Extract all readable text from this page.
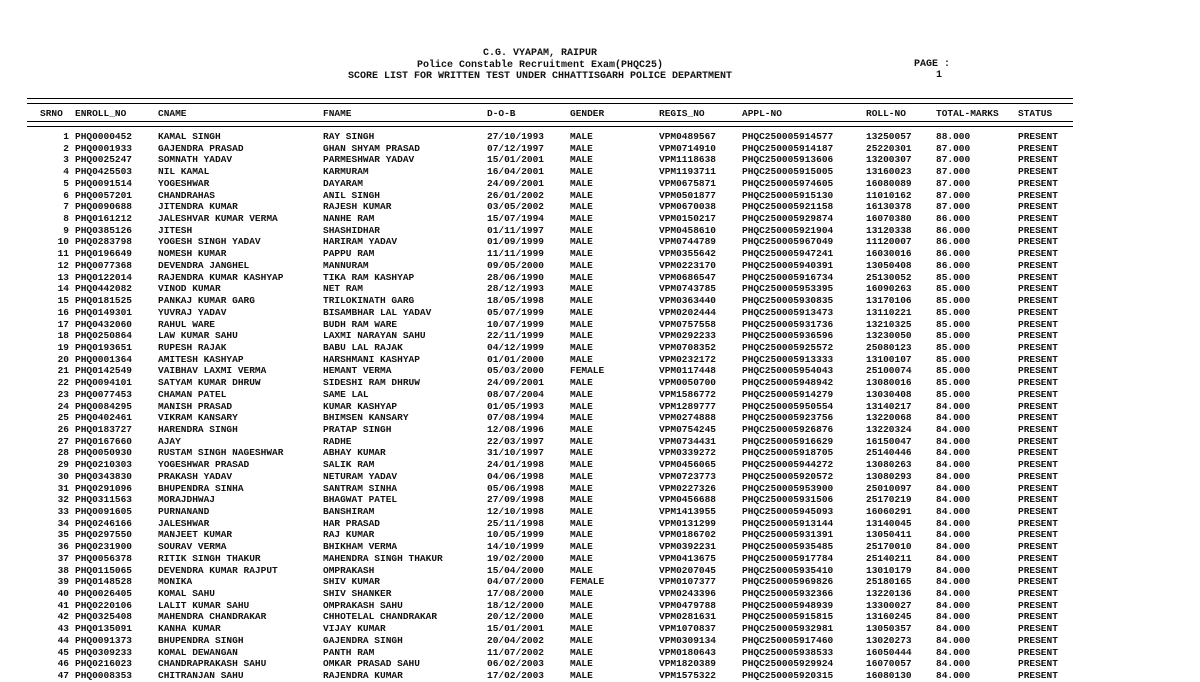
C.G. VYAPAM, RAIPUR
Police Constable Recruitment Exam(PHQC25)
SCORE LIST FOR WRITTEN TEST UNDER CHHATTISGARH POLICE DEPARTMENT

PAGE :
1

SRNO ENROLL_NO	CNAME	FNAME	D-O-B	GENDER	REGIS_NO	APPL-NO	ROLL-NO	TOTAL-MARKS STATUS
1 PHQ0000452	KAMAL SINGH	RAY SINGH	27/10/1993	MALE	VPM0489567	PHQC250005914577	13250057	88.000	PRESENT
2 PHQ0001933	GAJENDRA PRASAD	GHAN SHYAM PRASAD	07/12/1997	MALE	VPM0714910	PHQC250005914187	25220301	87.000	PRESENT
3 PHQ0025247	SOMNATH YADAV	PARMESHWAR YADAV	15/01/2001	MALE	VPM1118638	PHQC250005913606	13200307	87.000	PRESENT
4 PHQ0425503	NIL KAMAL	KARMURAM	16/04/2001	MALE	VPM1193711	PHQC250005915005	13160023	87.000	PRESENT
5 PHQ0091514	YOGESHWAR	DAYARAM	24/09/2001	MALE	VPM0675871	PHQC250005974605	16080089	87.000	PRESENT
6 PHQ0057201	CHANDRAHAS	ANIL SINGH	26/01/2002	MALE	VPM0501877	PHQC250005915130	11010162	87.000	PRESENT
7 PHQ0090688	JITENDRA KUMAR	RAJESH KUMAR	03/05/2002	MALE	VPM0670038	PHQC250005921158	16130378	87.000	PRESENT
8 PHQ0161212	JALESHVAR KUMAR VERMA	NANHE RAM	15/07/1994	MALE	VPM0150217	PHQC250005929874	16070380	86.000	PRESENT
9 PHQ0385126	JITESH	SHASHIDHAR	01/11/1997	MALE	VPM0458610	PHQC250005921904	13120338	86.000	PRESENT
10 PHQ0283798	YOGESH SINGH YADAV	HARIRAM YADAV	01/09/1999	MALE	VPM0744789	PHQC250005967049	11120007	86.000	PRESENT
11 PHQ0196649	NOMESH KUMAR	PAPPU RAM	11/11/1999	MALE	VPM0355642	PHQC250005947241	16030016	86.000	PRESENT
12 PHQ0077368	DEVENDRA JANGHEL	MANNURAM	09/05/2000	MALE	VPM0223170	PHQC250005940391	13050408	86.000	PRESENT
13 PHQ0122014	RAJENDRA KUMAR KASHYAP	TIKA RAM KASHYAP	28/06/1990	MALE	VPM0686547	PHQC250005916734	25130052	85.000	PRESENT
14 PHQ0442082	VINOD KUMAR	NET RAM	28/12/1993	MALE	VPM0743785	PHQC250005953395	16090263	85.000	PRESENT
15 PHQ0181525	PANKAJ KUMAR GARG	TRILOKINATH GARG	18/05/1998	MALE	VPM0363440	PHQC250005930835	13170106	85.000	PRESENT
16 PHQ0149301	YUVRAJ YADAV	BISAMBHAR LAL YADAV	05/07/1999	MALE	VPM0202444	PHQC250005913473	13110221	85.000	PRESENT
17 PHQ0432060	RAHUL WARE	BUDH RAM WARE	10/07/1999	MALE	VPM0757558	PHQC250005931736	13210325	85.000	PRESENT
18 PHQ0250864	LAW KUMAR SAHU	LAXMI NARAYAN SAHU	22/11/1999	MALE	VPM0292233	PHQC250005936596	13230050	85.000	PRESENT
19 PHQ0193651	RUPESH RAJAK	BABU LAL RAJAK	04/12/1999	MALE	VPM0708352	PHQC250005925572	25080123	85.000	PRESENT
20 PHQ0001364	AMITESH KASHYAP	HARSHMANI KASHYAP	01/01/2000	MALE	VPM0232172	PHQC250005913333	13100107	85.000	PRESENT
21 PHQ0142549	VAIBHAV LAXMI VERMA	HEMANT VERMA	05/03/2000	FEMALE	VPM0117448	PHQC250005954043	25100074	85.000	PRESENT
22 PHQ0094101	SATYAM KUMAR DHRUW	SIDESHI RAM DHRUW	24/09/2001	MALE	VPM0050700	PHQC250005948942	13080016	85.000	PRESENT
23 PHQ0077453	CHAMAN PATEL	SAME LAL	08/07/2004	MALE	VPM1586772	PHQC250005914279	13030408	85.000	PRESENT
24 PHQ0084295	MANISH PRASAD	KUMAR KASHYAP	01/05/1993	MALE	VPM1289777	PHQC250005950554	13140217	84.000	PRESENT
25 PHQ0402461	VIKRAM KANSARY	BHIMSEN KANSARY	07/08/1994	MALE	VPM0274888	PHQC250005923756	13220068	84.000	PRESENT
26 PHQ0183727	HARENDRA SINGH	PRATAP SINGH	12/08/1996	MALE	VPM0754245	PHQC250005926876	13220324	84.000	PRESENT
27 PHQ0167660	AJAY	RADHE	22/03/1997	MALE	VPM0734431	PHQC250005916629	16150047	84.000	PRESENT
28 PHQ0050930	RUSTAM SINGH NAGESHWAR	ABHAY KUMAR	31/10/1997	MALE	VPM0339272	PHQC250005918705	25140446	84.000	PRESENT
29 PHQ0210303	YOGESHWAR PRASAD	SALIK RAM	24/01/1998	MALE	VPM0456065	PHQC250005944272	13080263	84.000	PRESENT
30 PHQ0343830	PRAKASH YADAV	NETURAM YADAV	04/06/1998	MALE	VPM0723773	PHQC250005920572	13080293	84.000	PRESENT
31 PHQ0291096	BHUPENDRA SINHA	SANTRAM SINHA	05/06/1998	MALE	VPM0227326	PHQC250005953900	25010097	84.000	PRESENT
32 PHQ0311563	MORAJDHWAJ	BHAGWAT PATEL	27/09/1998	MALE	VPM0456688	PHQC250005931506	25170219	84.000	PRESENT
33 PHQ0091605	PURNANAND	BANSHIRAM	12/10/1998	MALE	VPM1413955	PHQC250005945093	16060291	84.000	PRESENT
34 PHQ0246166	JALESHWAR	HAR PRASAD	25/11/1998	MALE	VPM0131299	PHQC250005913144	13140045	84.000	PRESENT
35 PHQ0297550	MANJEET KUMAR	RAJ KUMAR	10/05/1999	MALE	VPM0186702	PHQC250005931391	13050411	84.000	PRESENT
36 PHQ0231900	SOURAV VERMA	BHIKHAM VERMA	14/10/1999	MALE	VPM0392231	PHQC250005935485	25170010	84.000	PRESENT
37 PHQ0056378	RITIK SINGH THAKUR	MAHENDRA SINGH THAKUR	19/02/2000	MALE	VPM0413675	PHQC250005917784	25140211	84.000	PRESENT
38 PHQ0115065	DEVENDRA KUMAR RAJPUT	OMPRAKASH	15/04/2000	MALE	VPM0207045	PHQC250005935410	13010179	84.000	PRESENT
39 PHQ0148528	MONIKA	SHIV KUMAR	04/07/2000	FEMALE	VPM0107377	PHQC250005969826	25180165	84.000	PRESENT
40 PHQ0026405	KOMAL SAHU	SHIV SHANKER	17/08/2000	MALE	VPM0243396	PHQC250005932366	13220136	84.000	PRESENT
41 PHQ0220106	LALIT KUMAR SAHU	OMPRAKASH SAHU	18/12/2000	MALE	VPM0479788	PHQC250005948939	13300027	84.000	PRESENT
42 PHQ0325408	MAHENDRA CHANDRAKAR	CHHOTELAL CHANDRAKAR	20/12/2000	MALE	VPM0281631	PHQC250005915815	13160245	84.000	PRESENT
43 PHQ0135091	KANHA KUMAR	VIJAY KUMAR	15/01/2001	MALE	VPM1070837	PHQC250005932981	13050357	84.000	PRESENT
44 PHQ0091373	BHUPENDRA SINGH	GAJENDRA SINGH	20/04/2002	MALE	VPM0309134	PHQC250005917460	13020273	84.000	PRESENT
45 PHQ0309233	KOMAL DEWANGAN	PANTH RAM	11/07/2002	MALE	VPM0180643	PHQC250005938533	16050444	84.000	PRESENT
46 PHQ0216023	CHANDRAPRAKASH SAHU	OMKAR PRASAD SAHU	06/02/2003	MALE	VPM1820389	PHQC250005929924	16070057	84.000	PRESENT
47 PHQ0008353	CHITRANJAN SAHU	RAJENDRA KUMAR	17/02/2003	MALE	VPM1575322	PHQC250005920315	16080130	84.000	PRESENT
